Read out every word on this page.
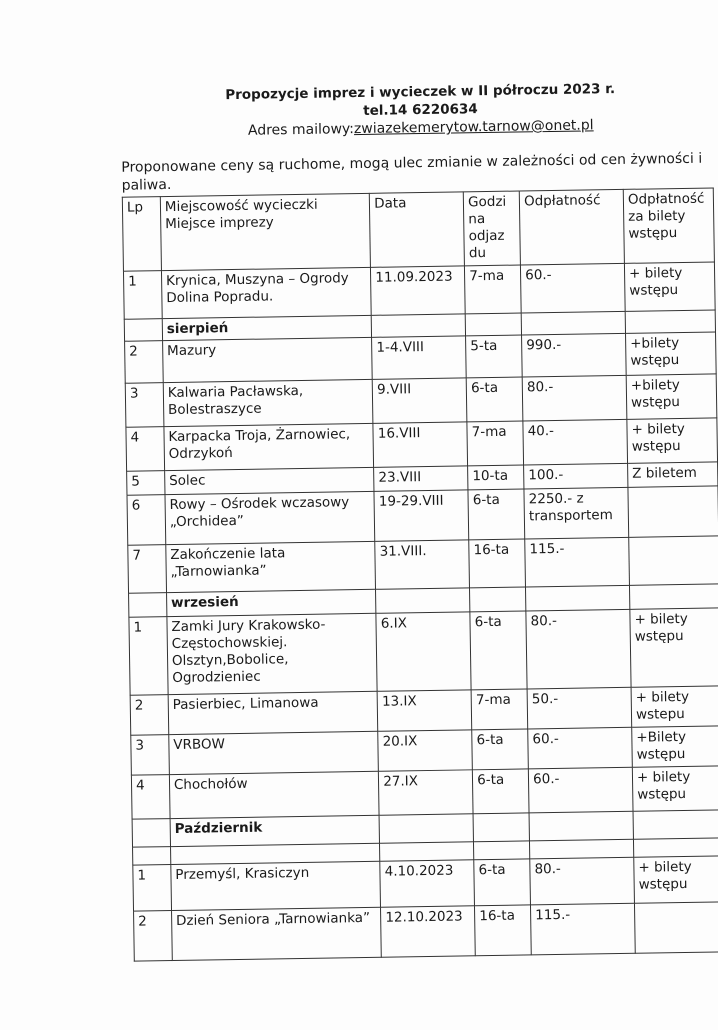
Propozycje imprez i wycieczek w II półroczu 2023 r.
tel.14 6220634
Adres mailowy:zwiazekemerytow.tarnow@onet.pl
Proponowane ceny są ruchome, mogą ulec zmianie w zależności od cen żywności i paliwa.
Lp	Miejscowość wycieczki Miejsce imprezy	Data	Godzi na odjaz du	Odpłatność	Odpłatność za bilety wstępu
1	Krynica, Muszyna – Ogrody Dolina Popradu.	11.09.2023	7-ma	60.-	+ bilety wstępu
	sierpień				
2	Mazury	1-4.VIII	5-ta	990.-	+bilety wstępu
3	Kalwaria Pacławska, Bolestraszyce	9.VIII	6-ta	80.-	+bilety wstępu
4	Karpacka Troja, Żarnowiec, Odrzykoń	16.VIII	7-ma	40.-	+ bilety wstępu
5	Solec	23.VIII	10-ta	100.-	Z biletem
6	Rowy – Ośrodek wczasowy „Orchidea”	19-29.VIII	6-ta	2250.- z transportem	
7	Zakończenie lata „Tarnowianka”	31.VIII.	16-ta	115.-	
	wrzesień				
1	Zamki Jury Krakowsko-Częstochowskiej. Olsztyn,Bobolice, Ogrodzieniec	6.IX	6-ta	80.-	+ bilety wstępu
2	Pasierbiec, Limanowa	13.IX	7-ma	50.-	+ bilety wstepu
3	VRBOW	20.IX	6-ta	60.-	+Bilety wstępu
4	Chochołów	27.IX	6-ta	60.-	+ bilety wstępu
	Październik				

1	Przemyśl, Krasiczyn	4.10.2023	6-ta	80.-	+ bilety wstępu
2	Dzień Seniora „Tarnowianka”	12.10.2023	16-ta	115.-	
